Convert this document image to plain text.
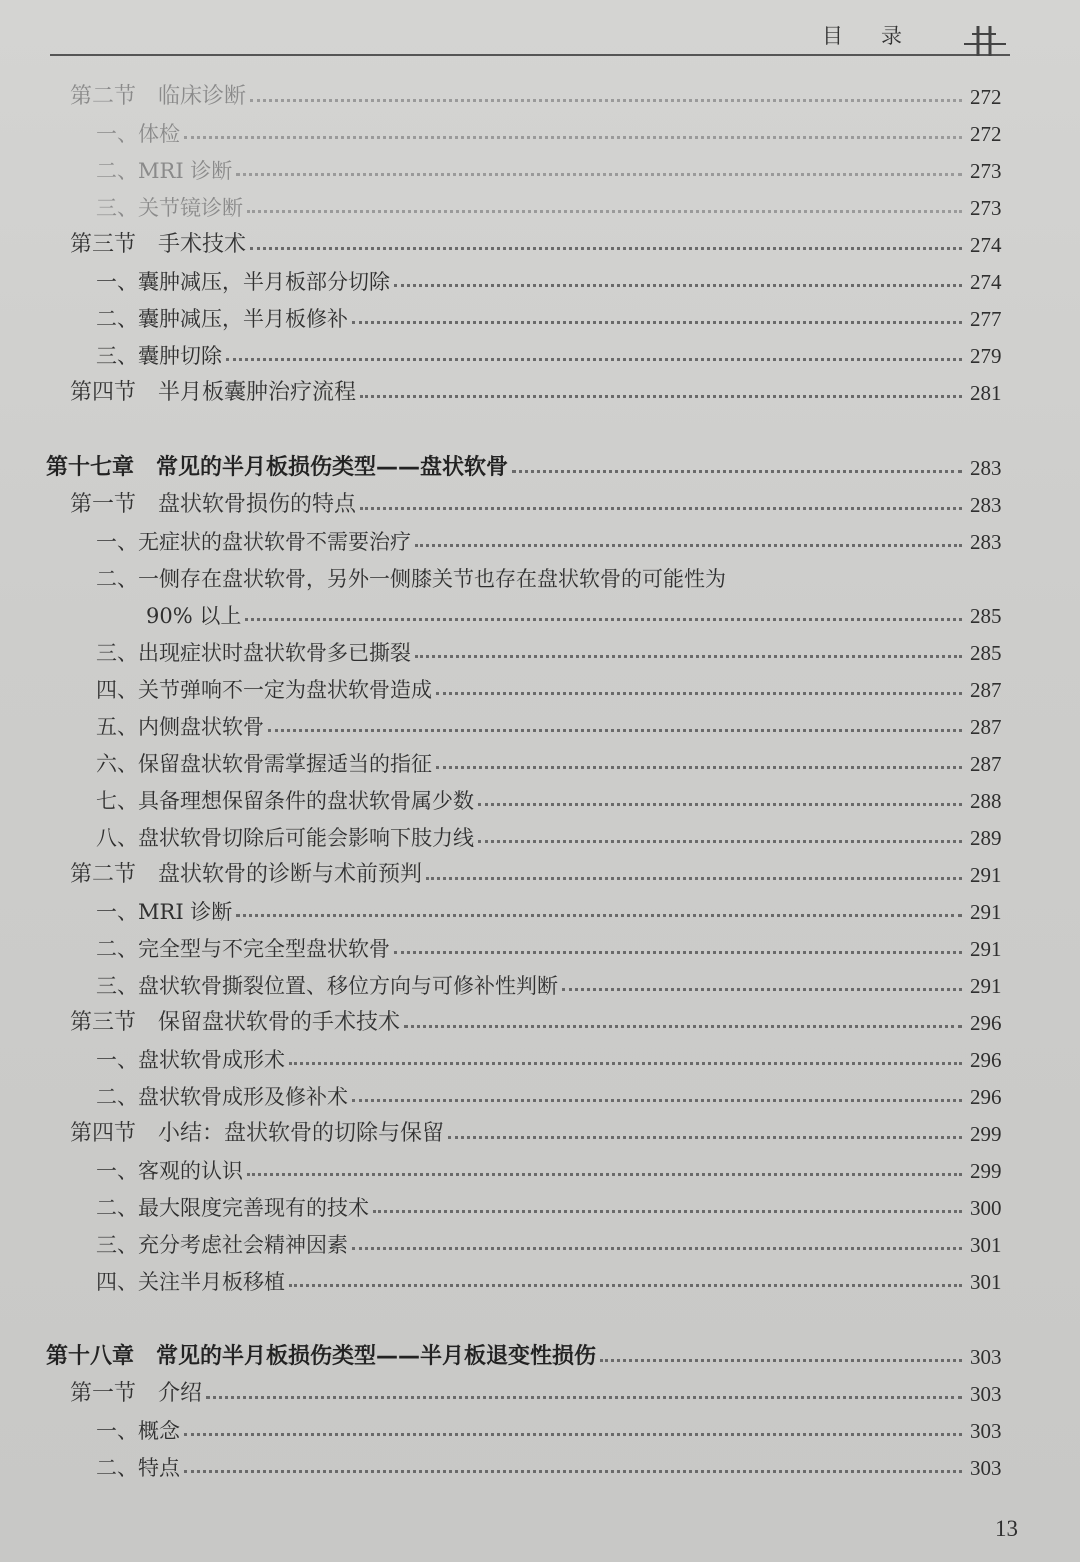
目录
第二节　临床诊断	272
一、体检	272
二、MRI 诊断	273
三、关节镜诊断	273
第三节　手术技术	274
一、囊肿减压，半月板部分切除	274
二、囊肿减压，半月板修补	277
三、囊肿切除	279
第四节　半月板囊肿治疗流程	281
第十七章　常见的半月板损伤类型——盘状软骨	283
第一节　盘状软骨损伤的特点	283
一、无症状的盘状软骨不需要治疗	283
二、一侧存在盘状软骨，另外一侧膝关节也存在盘状软骨的可能性为
90% 以上	285
三、出现症状时盘状软骨多已撕裂	285
四、关节弹响不一定为盘状软骨造成	287
五、内侧盘状软骨	287
六、保留盘状软骨需掌握适当的指征	287
七、具备理想保留条件的盘状软骨属少数	288
八、盘状软骨切除后可能会影响下肢力线	289
第二节　盘状软骨的诊断与术前预判	291
一、MRI 诊断	291
二、完全型与不完全型盘状软骨	291
三、盘状软骨撕裂位置、移位方向与可修补性判断	291
第三节　保留盘状软骨的手术技术	296
一、盘状软骨成形术	296
二、盘状软骨成形及修补术	296
第四节　小结：盘状软骨的切除与保留	299
一、客观的认识	299
二、最大限度完善现有的技术	300
三、充分考虑社会精神因素	301
四、关注半月板移植	301
第十八章　常见的半月板损伤类型——半月板退变性损伤	303
第一节　介绍	303
一、概念	303
二、特点	303
13
